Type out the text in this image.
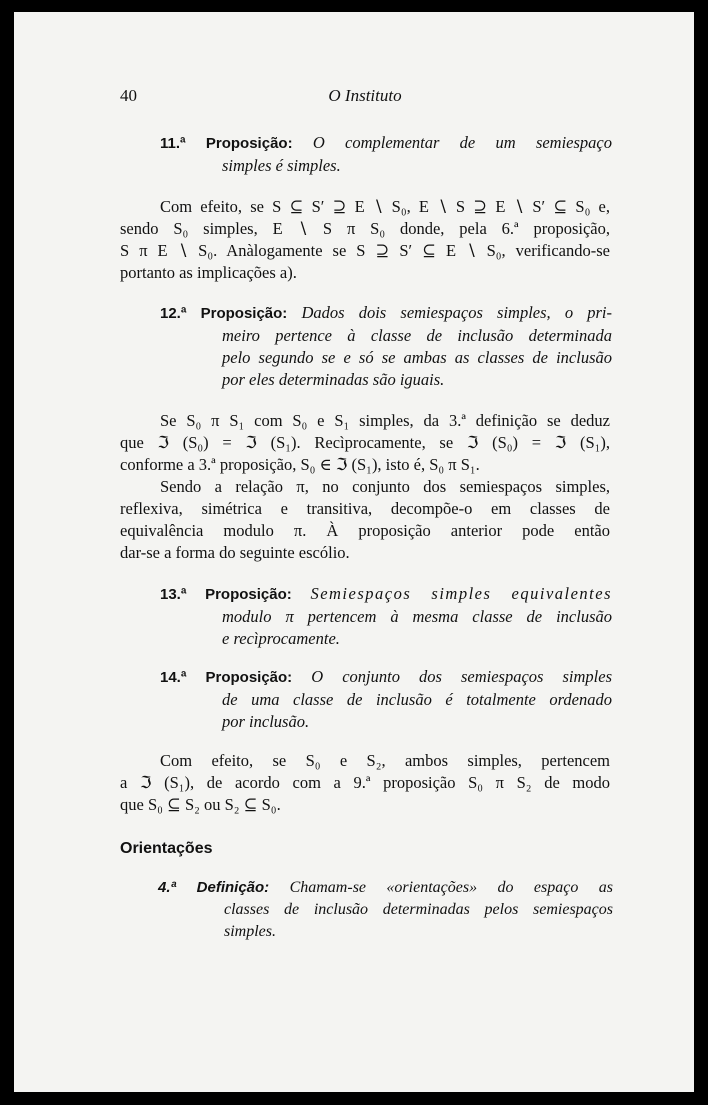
40	O Instituto
11.ª Proposição: O complementar de um semiespaço
simples é simples.
Com efeito, se S ⊆ S′ ⊇ E ∖ S₀, E ∖ S ⊇ E ∖ S′ ⊆ S₀ e,
sendo S₀ simples, E ∖ S π S₀ donde, pela 6.ª proposição,
S π E ∖ S₀. Anàlogamente se S ⊇ S′ ⊆ E ∖ S₀, verificando-se
portanto as implicações a).
12.ª Proposição: Dados dois semiespaços simples, o pri-
meiro pertence à classe de inclusão determinada
pelo segundo se e só se ambas as classes de inclusão
por eles determinadas são iguais.
Se S₀ π S₁ com S₀ e S₁ simples, da 3.ª definição se deduz
que ℑ (S₀) = ℑ (S₁). Recìprocamente, se ℑ (S₀) = ℑ (S₁),
conforme a 3.ª proposição, S₀ ∈ ℑ (S₁), isto é, S₀ π S₁.
Sendo a relação π, no conjunto dos semiespaços simples,
reflexiva, simétrica e transitiva, decompõe-o em classes de
equivalência modulo π. À proposição anterior pode então
dar-se a forma do seguinte escólio.
13.ª Proposição: Semiespaços simples equivalentes
modulo π pertencem à mesma classe de inclusão
e recìprocamente.
14.ª Proposição: O conjunto dos semiespaços simples
de uma classe de inclusão é totalmente ordenado
por inclusão.
Com efeito, se S₀ e S₂, ambos simples, pertencem
a ℑ (S₁), de acordo com a 9.ª proposição S₀ π S₂ de modo
que S₀ ⊆ S₂ ou S₂ ⊆ S₀.
Orientações
4.ª Definição: Chamam-se «orientações» do espaço as
classes de inclusão determinadas pelos semiespaços
simples.
